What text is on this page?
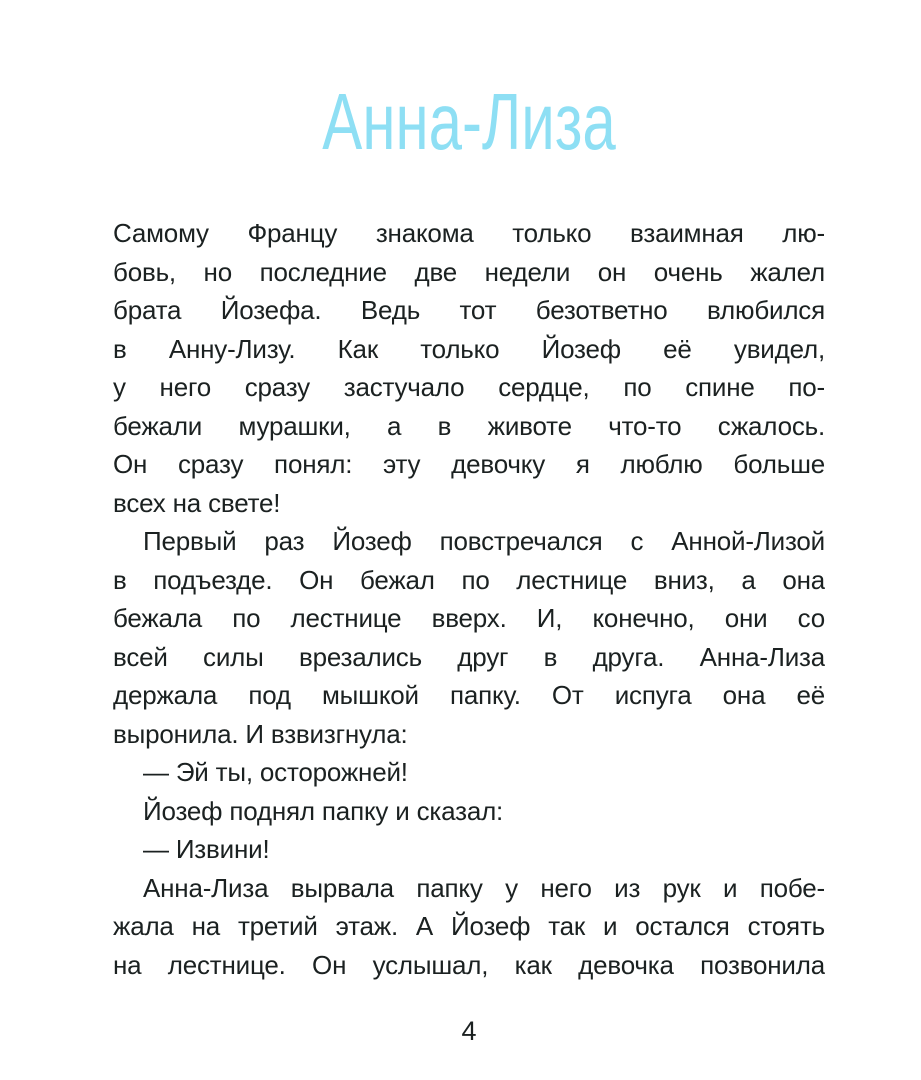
Анна-Лиза
Самому Францу знакома только взаимная лю-
бовь, но последние две недели он очень жалел
брата Йозефа. Ведь тот безответно влюбился
в Анну-Лизу. Как только Йозеф её увидел,
у него сразу застучало сердце, по спине по-
бежали мурашки, а в животе что-то сжалось.
Он сразу понял: эту девочку я люблю больше
всех на свете!
Первый раз Йозеф повстречался с Анной-Лизой
в подъезде. Он бежал по лестнице вниз, а она
бежала по лестнице вверх. И, конечно, они со
всей силы врезались друг в друга. Анна-Лиза
держала под мышкой папку. От испуга она её
выронила. И взвизгнула:
— Эй ты, осторожней!
Йозеф поднял папку и сказал:
— Извини!
Анна-Лиза вырвала папку у него из рук и побе-
жала на третий этаж. А Йозеф так и остался стоять
на лестнице. Он услышал, как девочка позвонила
4
